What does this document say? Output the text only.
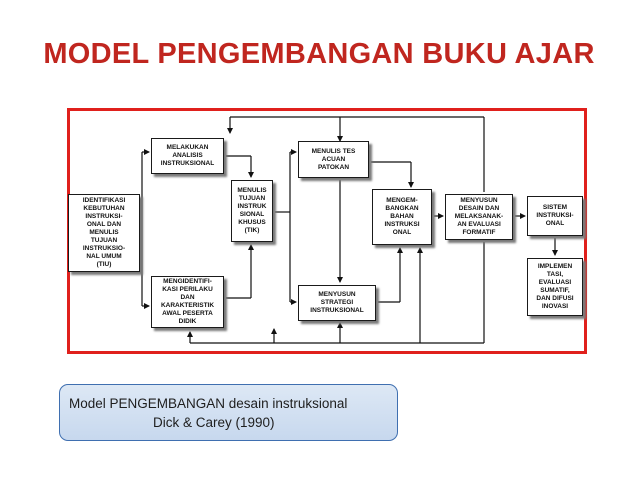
MODEL PENGEMBANGAN BUKU AJAR
IDENTIFIKASI
KEBUTUHAN
INSTRUKSI-
ONAL DAN
MENULIS
TUJUAN
INSTRUKSIO-
NAL UMUM
(TIU)
MELAKUKAN
ANALISIS
INSTRUKSIONAL
MENGIDENTIFI-
KASI PERILAKU
DAN
KARAKTERISTIK
AWAL PESERTA
DIDIK
MENULIS
TUJUAN
INSTRUK
SIONAL
KHUSUS
(TIK)
MENULIS TES
ACUAN
PATOKAN
MENYUSUN
STRATEGI
INSTRUKSIONAL
MENGEM-
BANGKAN
BAHAN
INSTRUKSI
ONAL
MENYUSUN
DESAIN DAN
MELAKSANAK-
AN EVALUASI
FORMATIF
SISTEM
INSTRUKSI-
ONAL
IMPLEMEN
TASI,
EVALUASI
SUMATIF,
DAN DIFUSI
INOVASI
Model PENGEMBANGAN desain instruksional
Dick & Carey (1990)
